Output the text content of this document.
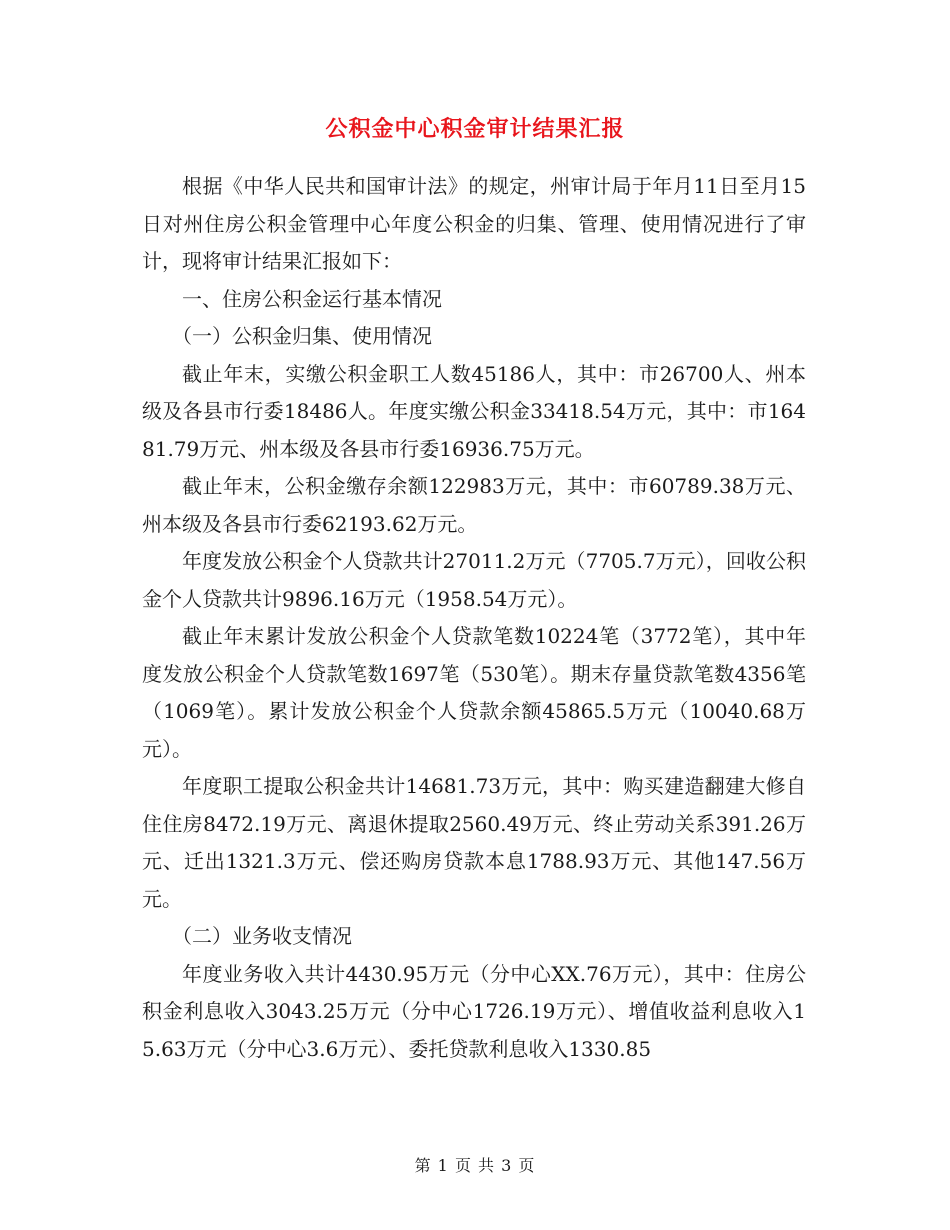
公积金中心积金审计结果汇报

根据《中华人民共和国审计法》的规定，州审计局于年月11日至月15日对州住房公积金管理中心年度公积金的归集、管理、使用情况进行了审计，现将审计结果汇报如下：

一、住房公积金运行基本情况

（一）公积金归集、使用情况

截止年末，实缴公积金职工人数45186人，其中：市26700人、州本级及各县市行委18486人。年度实缴公积金33418.54万元，其中：市16481.79万元、州本级及各县市行委16936.75万元。

截止年末，公积金缴存余额122983万元，其中：市60789.38万元、州本级及各县市行委62193.62万元。

年度发放公积金个人贷款共计27011.2万元（7705.7万元），回收公积金个人贷款共计9896.16万元（1958.54万元）。

截止年末累计发放公积金个人贷款笔数10224笔（3772笔），其中年度发放公积金个人贷款笔数1697笔（530笔）。期末存量贷款笔数4356笔（1069笔）。累计发放公积金个人贷款余额45865.5万元（10040.68万元）。

年度职工提取公积金共计14681.73万元，其中：购买建造翻建大修自住住房8472.19万元、离退休提取2560.49万元、终止劳动关系391.26万元、迁出1321.3万元、偿还购房贷款本息1788.93万元、其他147.56万元。

（二）业务收支情况

年度业务收入共计4430.95万元（分中心XX.76万元），其中：住房公积金利息收入3043.25万元（分中心1726.19万元）、增值收益利息收入15.63万元（分中心3.6万元）、委托贷款利息收入1330.85

第 1 页 共 3 页
